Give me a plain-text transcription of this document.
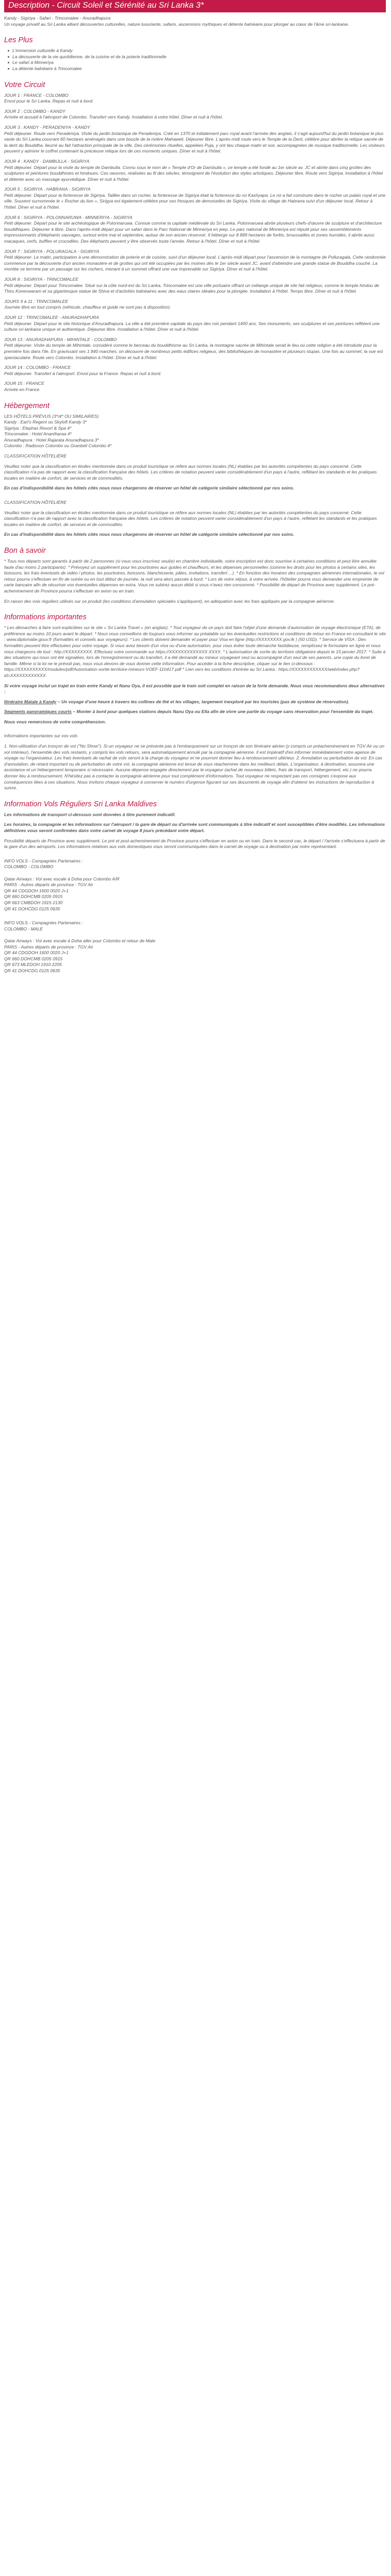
Description - Circuit Soleil et Sérénité au Sri Lanka 3*

Kandy - Sigiriya - Safari - Trincomalee - Anuradhapura
Un voyage privatif au Sri Lanka alliant découvertes culturelles, nature luxuriante, safaris, ascensions mythiques et détente balnéaire pour plonger au cœur de l'âme sri-lankaise.

Les Plus
L'immersion culturelle à Kandy
La découverte de la vie quotidienne, de la cuisine et de la poterie traditionnelle
Le safari à Minneriya
La détente balnéaire à Trincomalee
Votre Circuit
JOUR 1 : FRANCE - COLOMBO
Envol pour le Sri Lanka. Repas et nuit à bord.
JOUR 2 : COLOMBO - KANDY
Arrivée et accueil à l'aéroport de Colombo. Transfert vers Kandy. Installation à votre hôtel. Dîner et nuit à l'hôtel.
JOUR 3 : KANDY - PERADENIYA - KANDY
Petit déjeuner. Route vers Peradeniya. Visite du jardin botanique de Peradeniya. Créé en 1370 et initialement parc royal avant l'arrivée des anglais, il s'agit aujourd'hui du jardin botanique le plus vaste du Sri Lanka couvrant 60 hectares aménagés dans une boucle de la rivière Mahaweli. Déjeuner libre. L'après-midi route vers le Temple de la Dent, célèbre pour abriter la relique sacrée de la dent du Bouddha, lieurré au fait l'attraction principale de la ville. Des cérémonies rituelles, appelées Puja, y ont lieu chaque matin et soir, accompagnées de musique traditionnelle. Les visiteurs peuvent y admirer le coffret contenant la précieuse relique lors de ces moments uniques. Dîner et nuit à l'hôtel.
JOUR 4 : KANDY - DAMBULLA - SIGIRIYA
Petit déjeuner. Départ pour la visite du temple de Dambulla. Connu sous le nom de « Temple d'Or de Dambulla », ce temple a été fondé au 1er siècle av. JC et abrite dans cinq grottes des sculptures et peintures bouddhistes et hindoues. Ces oeuvres, réalisées au fil des siècles, témoignent de l'évolution des styles artistiques. Déjeuner libre. Route vers Sigiriya. Installation à l'hôtel et détente avec un massage ayurvédique. Dîner et nuit à l'hôtel.
JOUR 5 : SIGIRIYA - HABRANA - SIGIRIYA
Petit déjeuner. Départ pour la forteresse de Sigiriya. Taillée dans un rocher, la forteresse de Sigiriya était la forteresse du roi Kashyapa. Le roi a fait construire dans le rocher un palais royal et une ville. Souvent surnommée le « Rocher du lion », Sirigya est également célèbre pour ses fresques de demoiselles de Sigiriya. Visite du village de Habrana suivi d'un déjeuner local. Retour à l'hôtel. Dîner et nuit à l'hôtel.
JOUR 6 : SIGIRIYA - POLONNARUWA - MINNERIYA - SIGIRIYA
Petit déjeuner. Départ pour le site archéologique de Polonnaruwa. Connue comme la capitale médiévale du Sri Lanka, Polonnaruwa abrite plusieurs chefs-d'œuvre de sculpture et d'architecture bouddhiques. Déjeuner à libre. Dans l'après-midi départ pour un safari dans le Parc National de Minneriya en jeep. Le parc national de Minneriya est réputé pour ses rassemblements impressionnants d'éléphants sauvages, surtout entre mai et septembre, autour de son ancien réservoir. Il héberge sur 8 889 hectares de forêts, broussailles et zones humides, il abrite aussi macaques, cerfs, buffles et crocodiles. Des éléphants peuvent y être observés toute l'année. Retour à l'hôtel. Dîner et nuit à l'hôtel.
JOUR 7 : SIGIRIYA - POLURAGALA - SIGIRIYA
Petit déjeuner. Le matin, participation à une démonstration de poterie et de cuisine, suivi d'un déjeuner local. L'après-midi départ pour l'ascension de la montagne de Polluragala. Cette randonnée commence par la découverte d'un ancien monastère et de grottes qui ont été occupées par les moines dès le 1er siècle avant JC, avant d'atteindre une grande statue de Bouddha couché. La montée se termine par un passage sur les rochers, menant à un sommet offrant une vue imprenable sur Sigiriya. Dîner et nuit à l'hôtel.
JOUR 8 : SIGIRIYA - TRINCOMALEE
Petit déjeuner. Départ pour Trincomalee. Situé sur la côte nord-est du Sri Lanka, Trincomalee est une ville portuaire offrant un mélange unique de site fait religieux, comme le temple hindou de Thiru Koneswaram et sa gigantesque statue de Shiva et d'activités balnéaires avec des eaux claires idéales pour la plongée. Installation à l'hôtel. Temps libre. Dîner et nuit à l'hôtel.
JOURS 9 à 11 : TRINCOMALEE
Journée libre en tout compris (véhicule, chauffeur et guide ne sont pas à disposition).
JOUR 12 : TRINCOMALEE - ANURADHAPURA
Petit déjeuner. Départ pour le site historique d'Anuradhapura. La ville a été première capitale du pays des rois pendant 1400 ans. Ses monuments, ses sculptures et ses peintures reflètent une culture sri-lankaise unique et authentique. Déjeuner libre. Installation à l'hôtel. Dîner et nuit à l'hôtel.
JOUR 13 : ANURADHAPURA - MIHINTALE - COLOMBO
Petit déjeuner. Visite du temple de Mihintale, considéré comme le berceau du bouddhisme au Sri Lanka, la montagne sacrée de Mihintale serait le lieu où cette religion a été introduite pour la première fois dans l'île. En gravissant ses 1 840 marches, on découvre de nombreux petits édifices religieux, des bibliothèques de monastère et plusieurs stupas. Une fois au sommet, la vue est spectaculaire. Route vers Colombo. Installation à l'hôtel. Dîner et nuit à l'hôtel.
JOUR 14 : COLOMBO - FRANCE
Petit déjeuner. Transfert à l'aéroport. Envol pour la France. Repas et nuit à bord.
JOUR 15 : FRANCE
Arrivée en France
Hébergement

LES HÔTELS PRÉVUS (3*/4* OU SIMILAIRES)
Kandy : Earl's Regent ou Skyloft Kandy 3*
Sigiriya : Elephas Resort & Spa 4*
Trincomalee : Hotel Anantharaa 4*
Anuradhapura : Hotel Rajarata Anuradhapura 3*
Colombo : Radisson Colombo ou Granbell Colombo 4*

CLASSIFICATION HÔTELIÈRE

Veuillez noter que la classification en étoiles mentionnée dans ce produit touristique se réfère aux normes locales (NL) établies par les autorités compétentes du pays concerné. Cette classification n'a pas de rapport avec la classification française des hôtels. Les critères de notation peuvent varier considérablement d'un pays à l'autre, reflétant les standards et les pratiques locales en matière de confort, de services et de commodités.

En cas d'indisponibilité dans les hôtels cités nous nous chargerons de réserver un hôtel de catégorie similaire sélectionné par nos soins.

CLASSIFICATION HÔTELIÈRE

Veuillez noter que la classification en étoiles mentionnée dans ce produit touristique se réfère aux normes locales (NL) établies par les autorités compétentes du pays concerné. Cette classification n'a pas de rapport avec la classification française des hôtels. Les critères de notation peuvent varier considérablement d'un pays à l'autre, reflétant les standards et les pratiques locales en matière de confort, de services et de commodités.

En cas d'indisponibilité dans les hôtels cités nous nous chargerons de réserver un hôtel de catégorie similaire sélectionné par nos soins.

Bon à savoir

* Tous nos départs sont garantis à partir de 2 personnes (si vous vous inscrivez seul(e) en chambre individuelle, votre inscription est donc soumise à certaines conditions et peut être annulée faute d'au moins 2 participants). * Prévoyez un supplément pour les pourboires aux guides et chauffeurs, et les dépenses personnelles (comme les droits pour les photos à certains sites, les boissons, les frais éventuels de vidéo / photos, les pourboires, boissons, blanchisserie, pâtes, invitations, transfert ...). * En fonction des horaires des compagnies aériennes internationales, le vol retour pourra s'effectuer en fin de soirée ou en tout début de journée, la nuit sera alors passée à bord. * Lors de votre séjour, à votre arrivée, l'hôtelier pourra vous demander une empreinte de carte bancaire afin de sécuriser vos éventuelles dépenses en extra. Vous ne subirez aucun débit si vous n'avez rien consommé. * Possibilité de départ de Province avec supplément. Le pré-acheminement de Province pourra s'effectuer en avion ou en train.

En raison des voix réguliers utilisés sur ce produit (les conditions d'annulation spéciales s'appliquent), en adéquation avec les frais appliqués par la compagnie aérienne.

Informations importantes

* Les démarches à faire sont explicitées sur le site « Sri Lanka Travel » (en anglais). * Tout voyageur de ce pays doit faire l'objet d'une demande d'autorisation de voyage électronique (ETA), de préférence au moins 10 jours avant le départ. * Nous vous conseillons de toujours vous informer au préalable sur les éventuelles restrictions et conditions de retour en France en consultant le site : www.diplomatie.gouv.fr (formalités et conseils aux voyageurs). * Les clients doivent demander et payer pour Visa en ligne (http://XXXXXXXX.gov.lk ) (50 USD). * Service de VISA : Des formalités peuvent être effectuées pour votre voyage. Si vous avez besoin d'un visa ou d'une autorisation, pour vous éviter toute démarche fastidieuse, remplissez le formulaire en ligne et nous nous chargeons de tout : http://XXXXXXXXX. Effectuez votre commande sur https://XXXXXXXXXXXXX.XXXX. * L'autorisation de sortie du territoire obligatoire depuis le 15 janvier 2017. * Suite à des situations qui nous ont été signalées, lors de l'enregistrement ou du transfert, il a été demandé au mineur voyageant seul ou accompagné d'un seul de ses parents, une copie du livret de famille. Même si la loi ne le prévoit pas, nous vous devons de vous donner cette information. Pour accéder à la fiche descriptive, cliquer sur le lien ci-dessous : https://XXXXXXXXXX/modules/pdf/Autorisation-sortie-territoire-mineurs-VOEF-110417.pdf * Lien vers les conditions d'entrée au Sri Lanka : https://XXXXXXXXXXXX/web/index.php?id=XXXXXXXXXXXX.

Si votre voyage inclut un trajet en train entre Kandy et Nanu Oya, il est possible que le train soit complet en raison de la forte demande. Nous vous recommandons deux alternatives :

Itinéraire Matale à Kandy – Un voyage d'une heure à travers les collines de thé et les villages, largement inexploré par les touristes (pas de système de réservation).

Segments panoramiques courts – Monter à bord pour quelques stations depuis Nanu Oya ou Ella afin de vivre une partie du voyage sans réservation pour l'ensemble du trajet.

Nous vous remercions de votre compréhension.

Informations importantes sur vos vols

1. Non-utilisation d'un tronçon de vol ("No Show"). Si un voyageur ne se présente pas à l'embarquement sur un tronçon de son itinéraire aérien (y compris un préacheminement en TGV Air ou un vol intérieur), l'ensemble des vols restants, y compris les vols retours, sera automatiquement annulé par la compagnie aérienne. Il est impératif d'en informer immédiatement votre agence de voyage ou l'organisateur. Les frais éventuels de rachat de vols seront à la charge du voyageur et ne pourront donner lieu à remboursement ultérieur. 2. Annulation ou perturbation de vol. En cas d'annulation, de retard important ou de perturbation de votre vol, la compagnie aérienne est tenue de vous réacheminer dans les meilleurs délais. L'organisateur, à destination, assurera une assistance et un hébergement temporaire si nécessaire. Aucune dépense engagée directement par le voyageur (achat de nouveaux billets, frais de transport, hébergement, etc.) ne pourra donner lieu à remboursement. N'hésitez pas à contacter la compagnie aérienne pour tout complément d'informations. Tout voyageur ne respectant pas ces consignes s'expose aux conséquences liées à ces situations. Nous invitons chaque voyageur à conserver le numéro d'urgence figurant sur ses documents de voyage afin d'obtenir les instructions de reproduction à suivre.

Information Vols Réguliers Sri Lanka Maldives

Les informations de transport ci-dessous sont données à titre purement indicatif.

Les horaires, la compagnie et les informations sur l'aéroport / la gare de départ ou d'arrivée sont communiqués à titre indicatif et sont susceptibles d'être modifiés. Les informations définitives vous seront confirmées dans votre carnet de voyage 8 jours précédant votre départ.

Possibilité départs de Province avec supplément. Le pré et post-acheminement de Province pourra s'effectuer en avion ou en train. Dans le second cas, le départ / l'arrivée s'effectuera à partir de la gare d'un des aéroports. Les informations relatives aux vols domestiques vous seront communiquées dans le carnet de voyage ou à destination par notre représentant.

INFO VOLS - Compagnies Partenaires :
COLOMBO - COLOMBO

Qatar Airways : Vol avec escale à Doha pour Colombo A/R
PARIS - Autres départs de province : TGV Air
QR 44 CDGDOH 1600 0020 J+1
QR 660 DOHCMB 0205 0915
QR 663 CMBDOH 1915 2130
QR 41 DOHCDG 0125 0635

INFO VOLS - Compagnies Partenaires :
COLOMBO - MALE

Qatar Airways : Vol avec escale à Doha aller pour Colombo et retour de Male
PARIS - Autres départs de province : TGV Air
QR 44 CDGDOH 1600 0020 J+1
QR 660 DOHCMB 0205 0915
QR 673 MLEDOH 1910 2205
QR 41 DOHCDG 0125 0635
